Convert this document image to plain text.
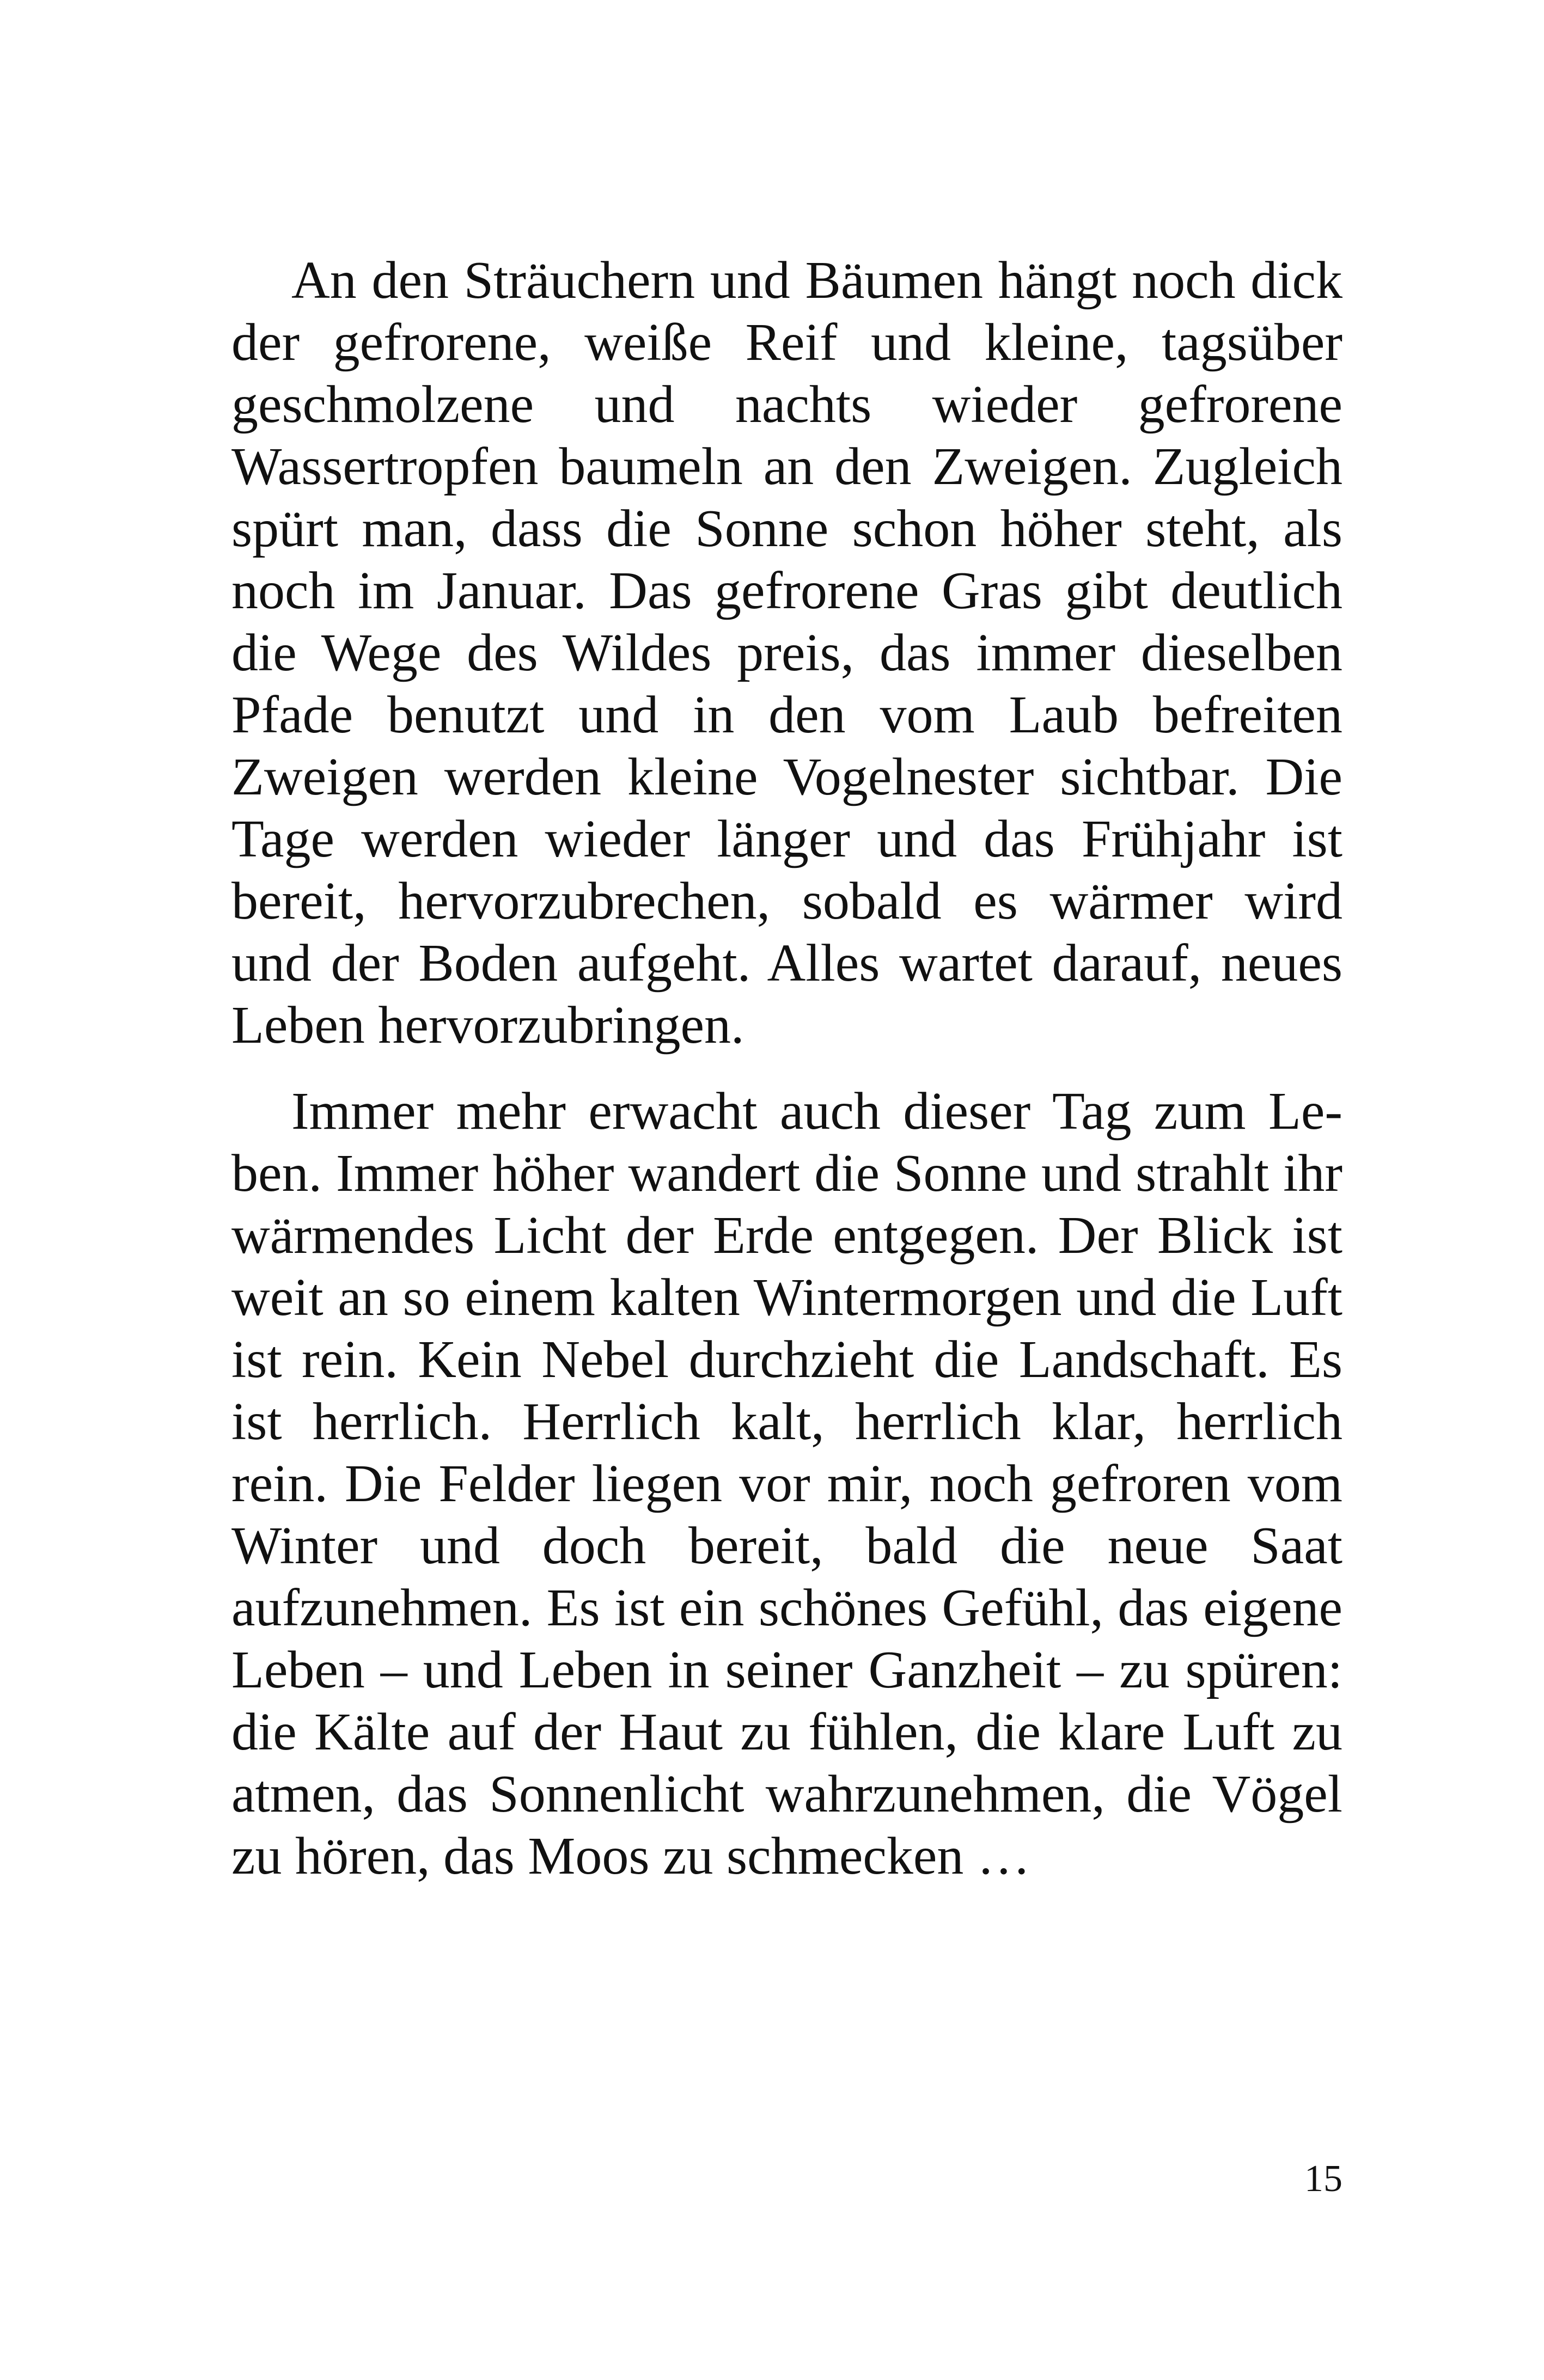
An den Sträuchern und Bäumen hängt noch dick der gefrorene, weiße Reif und kleine, tagsüber geschmolzene und nachts wieder gefrorene Wassertropfen baumeln an den Zweigen. Zugleich spürt man, dass die Sonne schon höher steht, als noch im Januar. Das gefrorene Gras gibt deutlich die Wege des Wildes preis, das immer dieselben Pfade benutzt und in den vom Laub befreiten Zweigen werden kleine Vogelnester sichtbar. Die Tage werden wieder länger und das Frühjahr ist bereit, hervorzubrechen, sobald es wärmer wird und der Boden aufgeht. Alles wartet darauf, neues Leben hervorzubringen.

Immer mehr erwacht auch dieser Tag zum Leben. Immer höher wandert die Sonne und strahlt ihr wärmendes Licht der Erde entgegen. Der Blick ist weit an so einem kalten Wintermorgen und die Luft ist rein. Kein Nebel durchzieht die Landschaft. Es ist herrlich. Herrlich kalt, herrlich klar, herrlich rein. Die Felder liegen vor mir, noch gefroren vom Winter und doch bereit, bald die neue Saat aufzunehmen. Es ist ein schönes Gefühl, das eigene Leben – und Leben in seiner Ganzheit – zu spüren: die Kälte auf der Haut zu fühlen, die klare Luft zu atmen, das Sonnenlicht wahrzunehmen, die Vögel zu hören, das Moos zu schmecken …

15
